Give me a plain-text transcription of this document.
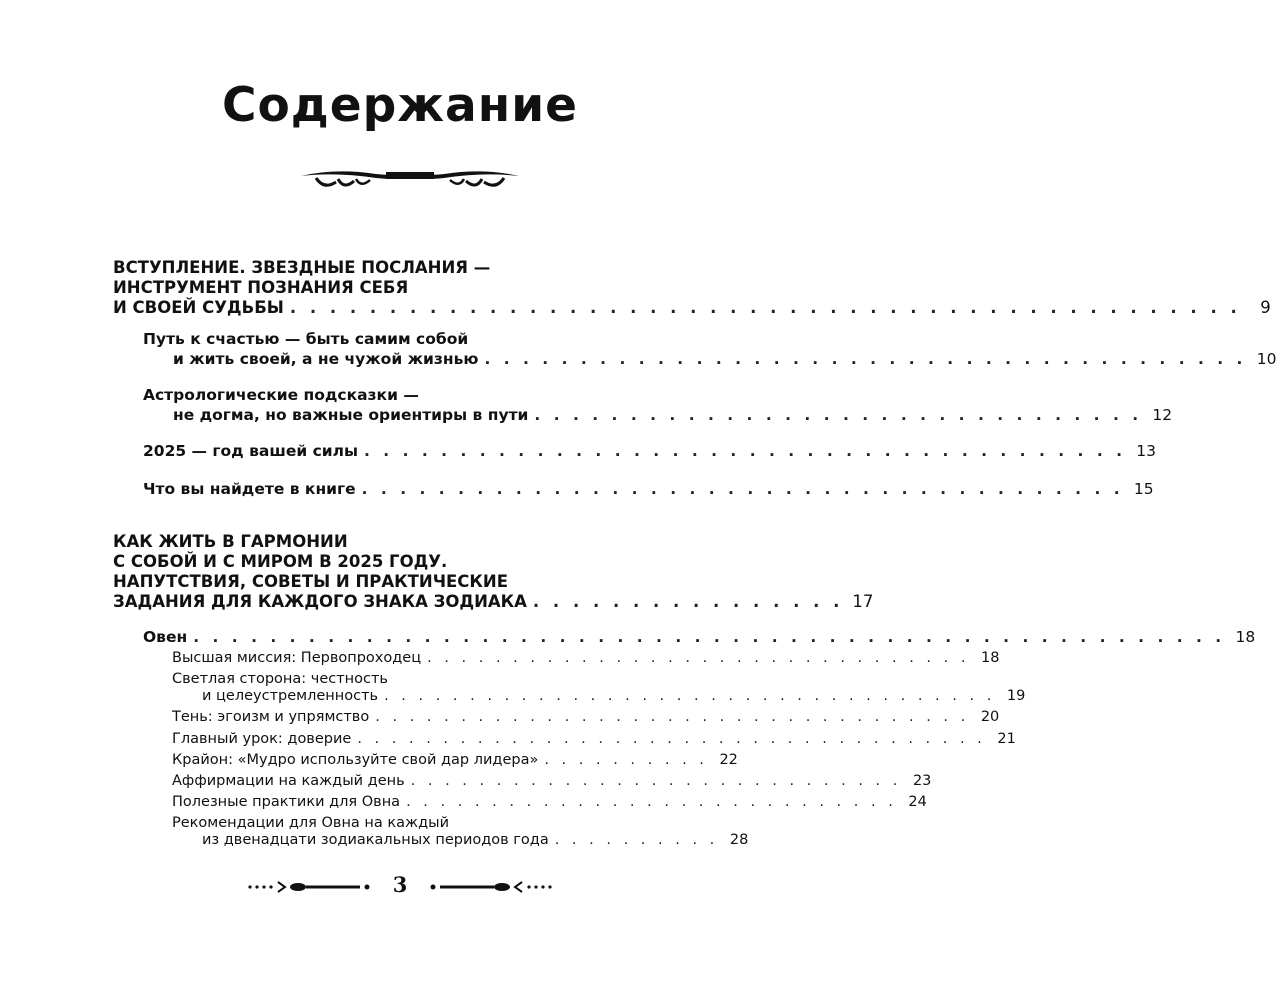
Содержание
ВСТУПЛЕНИЕ. ЗВЕЗДНЫЕ ПОСЛАНИЯ —
ИНСТРУМЕНТ ПОЗНАНИЯ СЕБЯ
И СВОЕЙ СУДЬБЫ . . . . . . . . . . . . . . . . . . . . . . . . . . . . . . . . . . . . . . . . . . . . . . . .	9
Путь к счастью — быть самим собой
и жить своей, а не чужой жизнью . . . . . . . . . . . . . . . . . . . . . . . . . . . . . . . . . . . . . . . . 10
Астрологические подсказки —
не догма, но важные ориентиры в пути . . . . . . . . . . . . . . . . . . . . . . . . . . . . . . . . 12
2025 — год вашей силы . . . . . . . . . . . . . . . . . . . . . . . . . . . . . . . . . . . . . . . . 13
Что вы найдете в книге . . . . . . . . . . . . . . . . . . . . . . . . . . . . . . . . . . . . . . . . 15
КАК ЖИТЬ В ГАРМОНИИ
С СОБОЙ И С МИРОМ В 2025 ГОДУ.
НАПУТСТВИЯ, СОВЕТЫ И ПРАКТИЧЕСКИЕ
ЗАДАНИЯ ДЛЯ КАЖДОГО ЗНАКА ЗОДИАКА . . . . . . . . . . . . . . . . 17
Овен . . . . . . . . . . . . . . . . . . . . . . . . . . . . . . . . . . . . . . . . . . . . . . . . . . . . . . 18
Высшая миссия: Первопроходец . . . . . . . . . . . . . . . . . . . . . . . . . . . . . . . . 18
Светлая сторона: честность
и целеустремленность . . . . . . . . . . . . . . . . . . . . . . . . . . . . . . . . . . . . 19
Тень: эгоизм и упрямство . . . . . . . . . . . . . . . . . . . . . . . . . . . . . . . . . . . 20
Главный урок: доверие . . . . . . . . . . . . . . . . . . . . . . . . . . . . . . . . . . . . . 21
Крайон: «Мудро используйте свой дар лидера» . . . . . . . . . . 22
Аффирмации на каждый день . . . . . . . . . . . . . . . . . . . . . . . . . . . . . 23
Полезные практики для Овна . . . . . . . . . . . . . . . . . . . . . . . . . . . . . 24
Рекомендации для Овна на каждый
из двенадцати зодиакальных периодов года . . . . . . . . . . 28
3
